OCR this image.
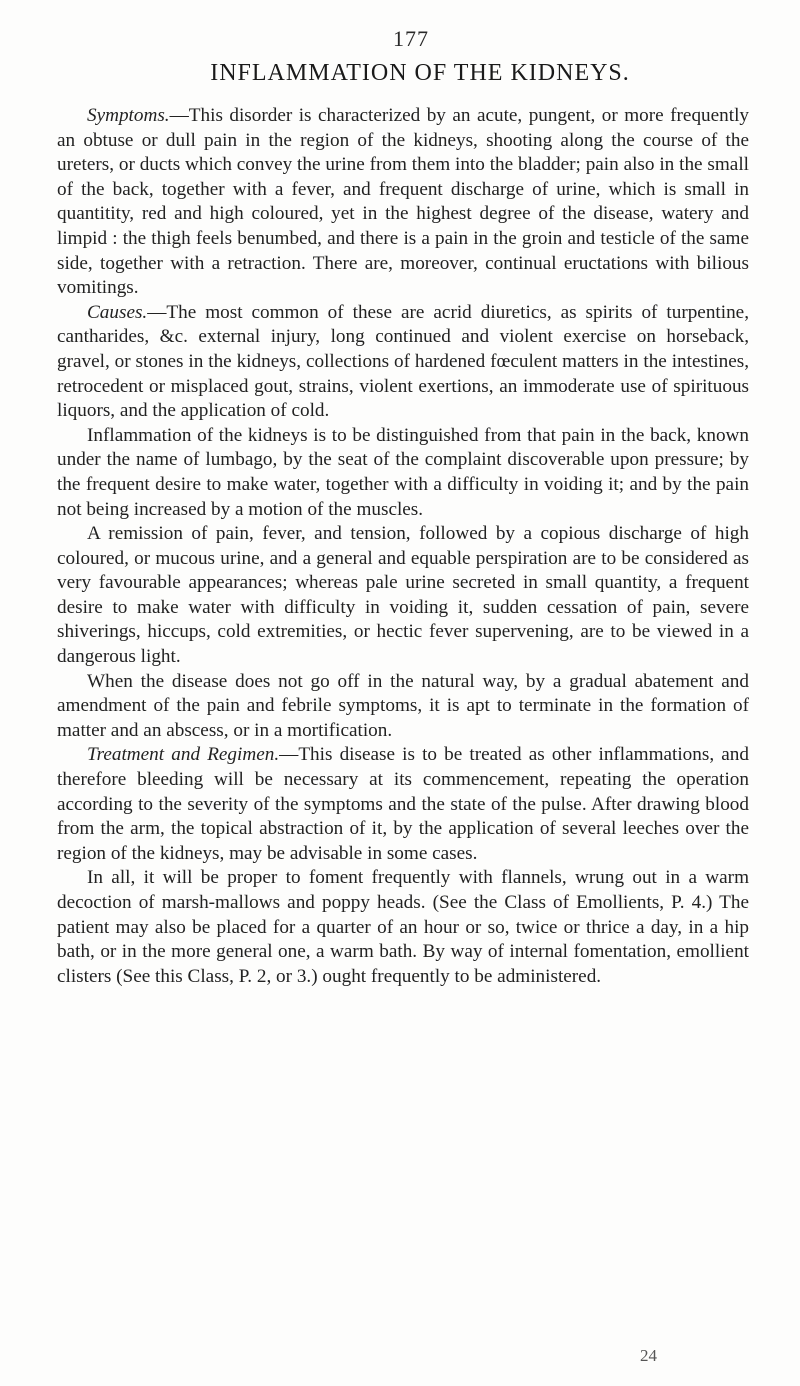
177
INFLAMMATION OF THE KIDNEYS.

Symptoms.—This disorder is characterized by an acute, pungent, or more frequently an obtuse or dull pain in the region of the kidneys, shooting along the course of the ureters, or ducts which convey the urine from them into the bladder; pain also in the small of the back, together with a fever, and frequent discharge of urine, which is small in quantitity, red and high coloured, yet in the highest degree of the disease, watery and limpid : the thigh feels benumbed, and there is a pain in the groin and testicle of the same side, together with a retraction. There are, moreover, continual eructations with bilious vomitings.

Causes.—The most common of these are acrid diuretics, as spirits of turpentine, cantharides, &c. external injury, long continued and violent exercise on horseback, gravel, or stones in the kidneys, collections of hardened fœculent matters in the intestines, retrocedent or misplaced gout, strains, violent exertions, an immoderate use of spirituous liquors, and the application of cold.

Inflammation of the kidneys is to be distinguished from that pain in the back, known under the name of lumbago, by the seat of the complaint discoverable upon pressure; by the frequent desire to make water, together with a difficulty in voiding it; and by the pain not being increased by a motion of the muscles.

A remission of pain, fever, and tension, followed by a copious discharge of high coloured, or mucous urine, and a general and equable perspiration are to be considered as very favourable appearances; whereas pale urine secreted in small quantity, a frequent desire to make water with difficulty in voiding it, sudden cessation of pain, severe shiverings, hiccups, cold extremities, or hectic fever supervening, are to be viewed in a dangerous light.

When the disease does not go off in the natural way, by a gradual abatement and amendment of the pain and febrile symptoms, it is apt to terminate in the formation of matter and an abscess, or in a mortification.

Treatment and Regimen.—This disease is to be treated as other inflammations, and therefore bleeding will be necessary at its commencement, repeating the operation according to the severity of the symptoms and the state of the pulse. After drawing blood from the arm, the topical abstraction of it, by the application of several leeches over the region of the kidneys, may be advisable in some cases.

In all, it will be proper to foment frequently with flannels, wrung out in a warm decoction of marsh-mallows and poppy heads. (See the Class of Emollients, P. 4.) The patient may also be placed for a quarter of an hour or so, twice or thrice a day, in a hip bath, or in the more general one, a warm bath. By way of internal fomentation, emollient clisters (See this Class, P. 2, or 3.) ought frequently to be administered.

24
